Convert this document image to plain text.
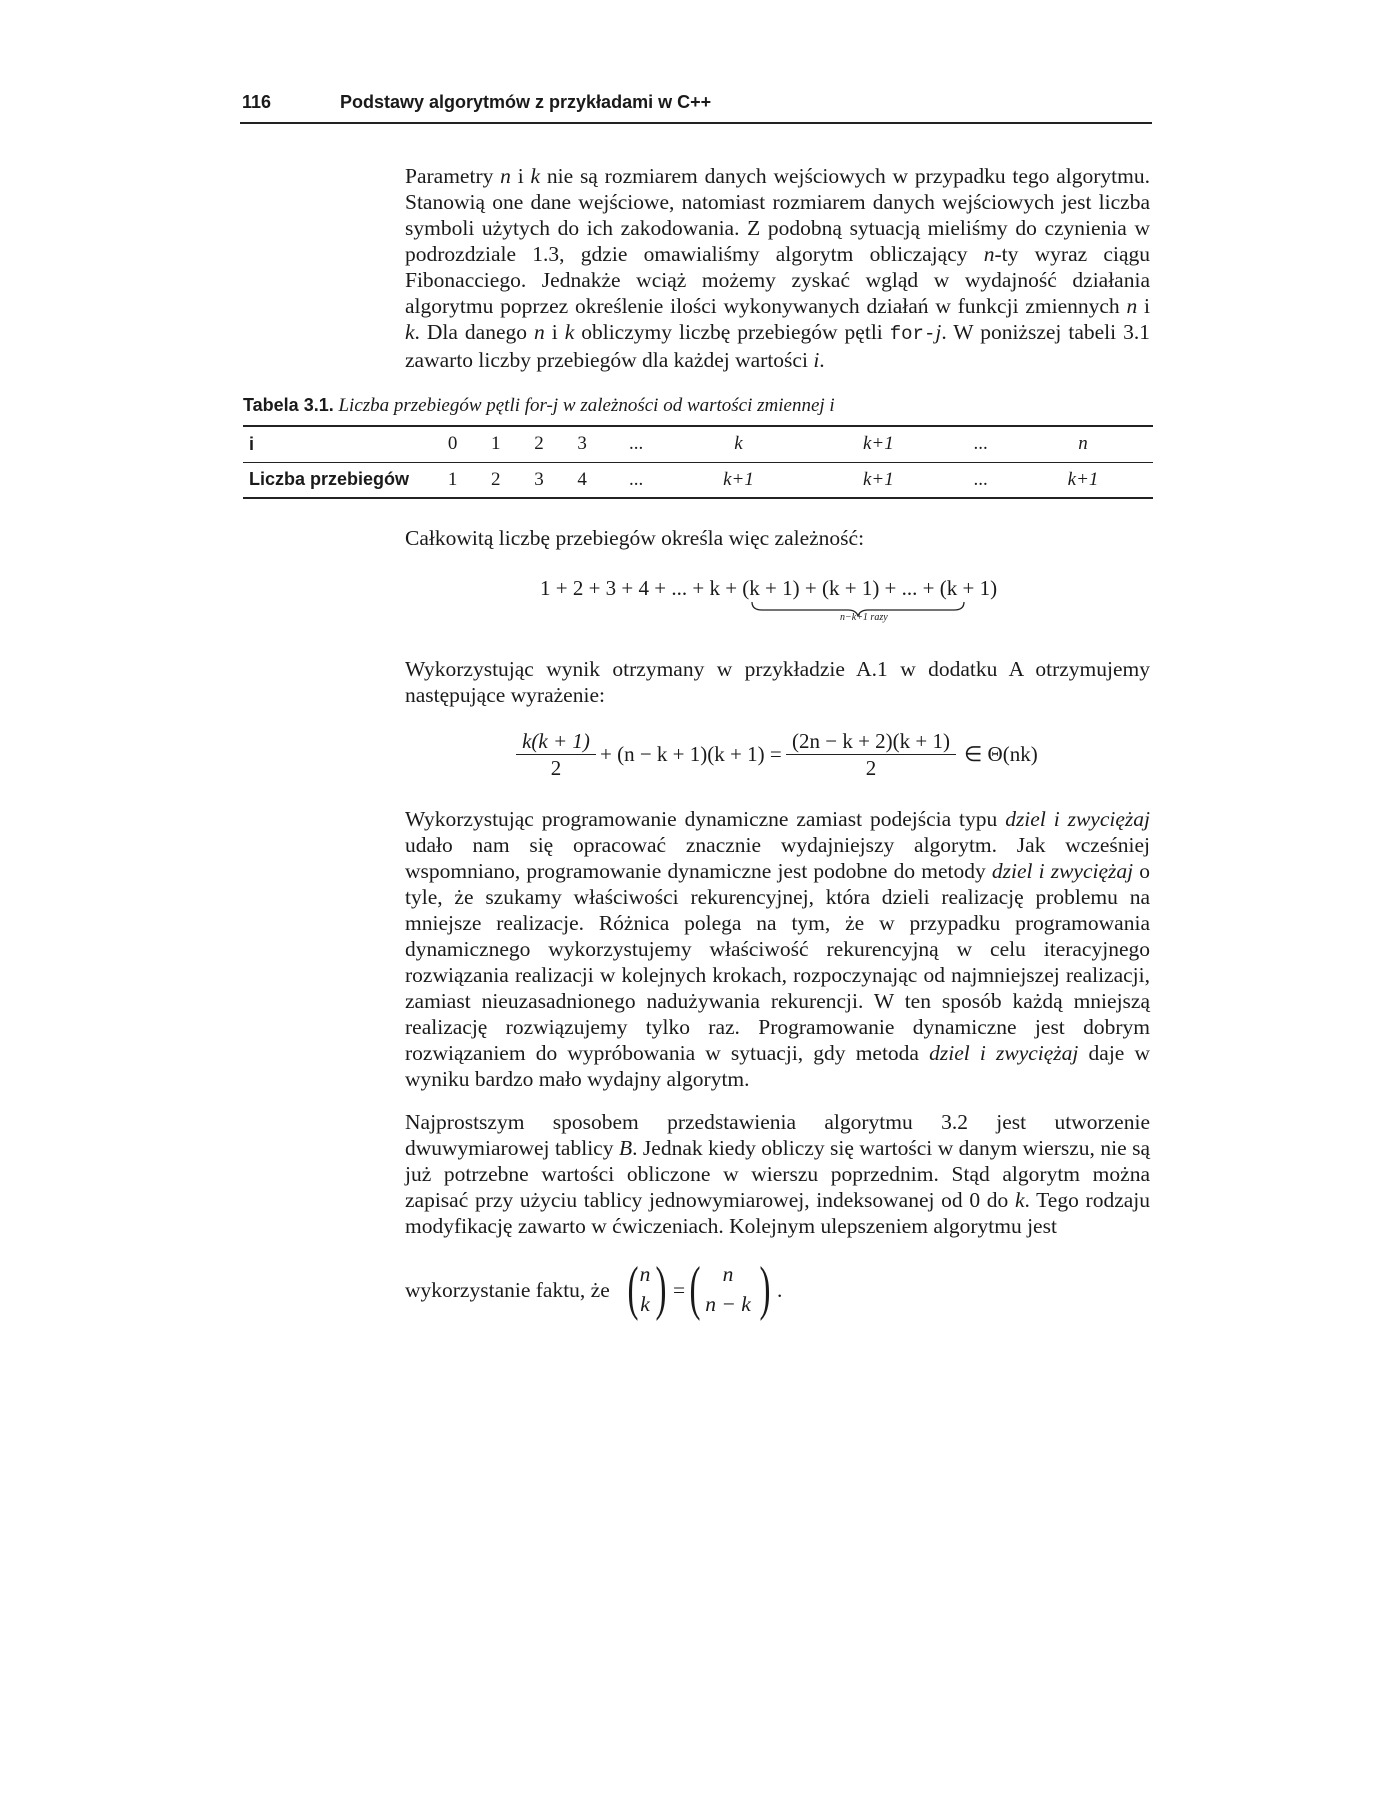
116	Podstawy algorytmów z przykładami w C++

Parametry n i k nie są rozmiarem danych wejściowych w przypadku tego algorytmu. Stanowią one dane wejściowe, natomiast rozmiarem danych wejściowych jest liczba symboli użytych do ich zakodowania. Z podobną sytuacją mieliśmy do czynienia w podrozdziale 1.3, gdzie omawialiśmy algorytm obliczający n-ty wyraz ciągu Fibonacciego. Jednakże wciąż możemy zyskać wgląd w wydajność działania algorytmu poprzez określenie ilości wykonywanych działań w funkcji zmiennych n i k. Dla danego n i k obliczymy liczbę przebiegów pętli for-j. W poniższej tabeli 3.1 zawarto liczby przebiegów dla każdej wartości i.

Tabela 3.1. Liczba przebiegów pętli for-j w zależności od wartości zmiennej i
i	0	1	2	3	...	k	k+1	...	n
Liczba przebiegów	1	2	3	4	...	k+1	k+1	...	k+1

Całkowitą liczbę przebiegów określa więc zależność:

1 + 2 + 3 + 4 + ... + k + (k + 1) + (k + 1) + ... + (k + 1)
n−k+1 razy

Wykorzystując wynik otrzymany w przykładzie A.1 w dodatku A otrzymujemy następujące wyrażenie:

$\frac{k(k + 1)}{2} + (n - k + 1)(k + 1) = \frac{(2n - k + 2)(k + 1)}{2}$ ∈ Θ(nk)

Wykorzystując programowanie dynamiczne zamiast podejścia typu dziel i zwyciężaj udało nam się opracować znacznie wydajniejszy algorytm. Jak wcześniej wspomniano, programowanie dynamiczne jest podobne do metody dziel i zwyciężaj o tyle, że szukamy właściwości rekurencyjnej, która dzieli realizację problemu na mniejsze realizacje. Różnica polega na tym, że w przypadku programowania dynamicznego wykorzystujemy właściwość rekurencyjną w celu iteracyjnego rozwiązania realizacji w kolejnych krokach, rozpoczynając od najmniejszej realizacji, zamiast nieuzasadnionego nadużywania rekurencji. W ten sposób każdą mniejszą realizację rozwiązujemy tylko raz. Programowanie dynamiczne jest dobrym rozwiązaniem do wypróbowania w sytuacji, gdy metoda dziel i zwyciężaj daje w wyniku bardzo mało wydajny algorytm.

Najprostszym sposobem przedstawienia algorytmu 3.2 jest utworzenie dwuwymiarowej tablicy B. Jednak kiedy obliczy się wartości w danym wierszu, nie są już potrzebne wartości obliczone w wierszu poprzednim. Stąd algorytm można zapisać przy użyciu tablicy jednowymiarowej, indeksowanej od 0 do k. Tego rodzaju modyfikację zawarto w ćwiczeniach. Kolejnym ulepszeniem algorytmu jest

wykorzystanie faktu, że ( n
k ) = (	n
n − k ) .
